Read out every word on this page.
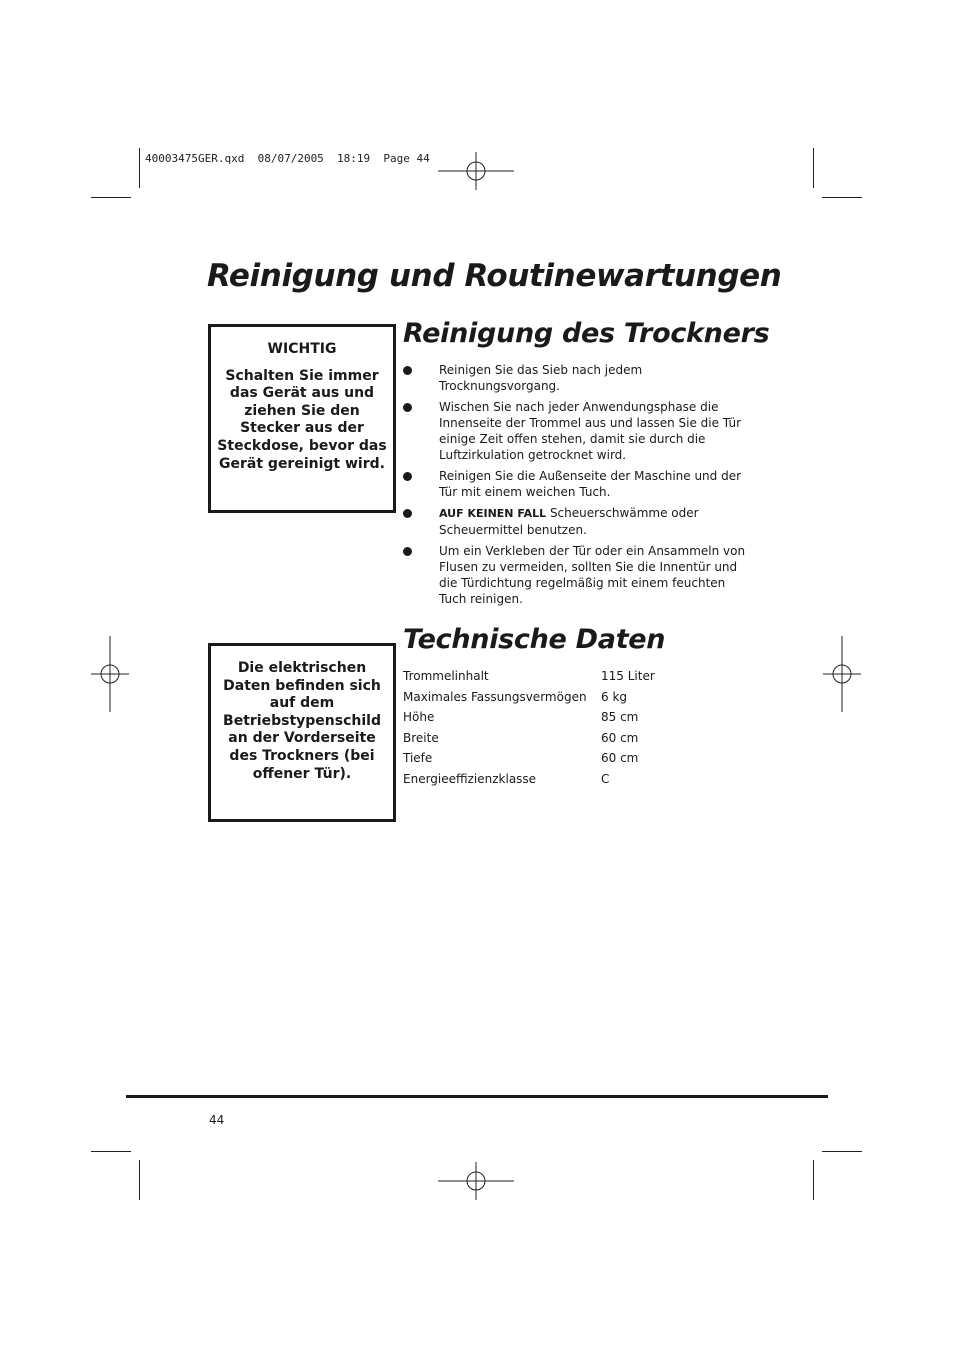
40003475GER.qxd  08/07/2005  18:19  Page 44
Reinigung und Routinewartungen
WICHTIG
Schalten Sie immer das Gerät aus und ziehen Sie den Stecker aus der Steckdose, bevor das Gerät gereinigt wird.
Reinigung des Trockners
Reinigen Sie das Sieb nach jedem Trocknungsvorgang.
Wischen Sie nach jeder Anwendungsphase die Innenseite der Trommel aus und lassen Sie die Tür einige Zeit offen stehen, damit sie durch die Luftzirkulation getrocknet wird.
Reinigen Sie die Außenseite der Maschine und der Tür mit einem weichen Tuch.
AUF KEINEN FALL Scheuerschwämme oder Scheuermittel benutzen.
Um ein Verkleben der Tür oder ein Ansammeln von Flusen zu vermeiden, sollten Sie die Innentür und die Türdichtung regelmäßig mit einem feuchten Tuch reinigen.
Die elektrischen Daten befinden sich auf dem Betriebstypenschild an der Vorderseite des Trockners (bei offener Tür).
Technische Daten
Trommelinhalt	115 Liter
Maximales Fassungsvermögen	6 kg
Höhe	85 cm
Breite	60 cm
Tiefe	60 cm
Energieeffizienzklasse	C
44
